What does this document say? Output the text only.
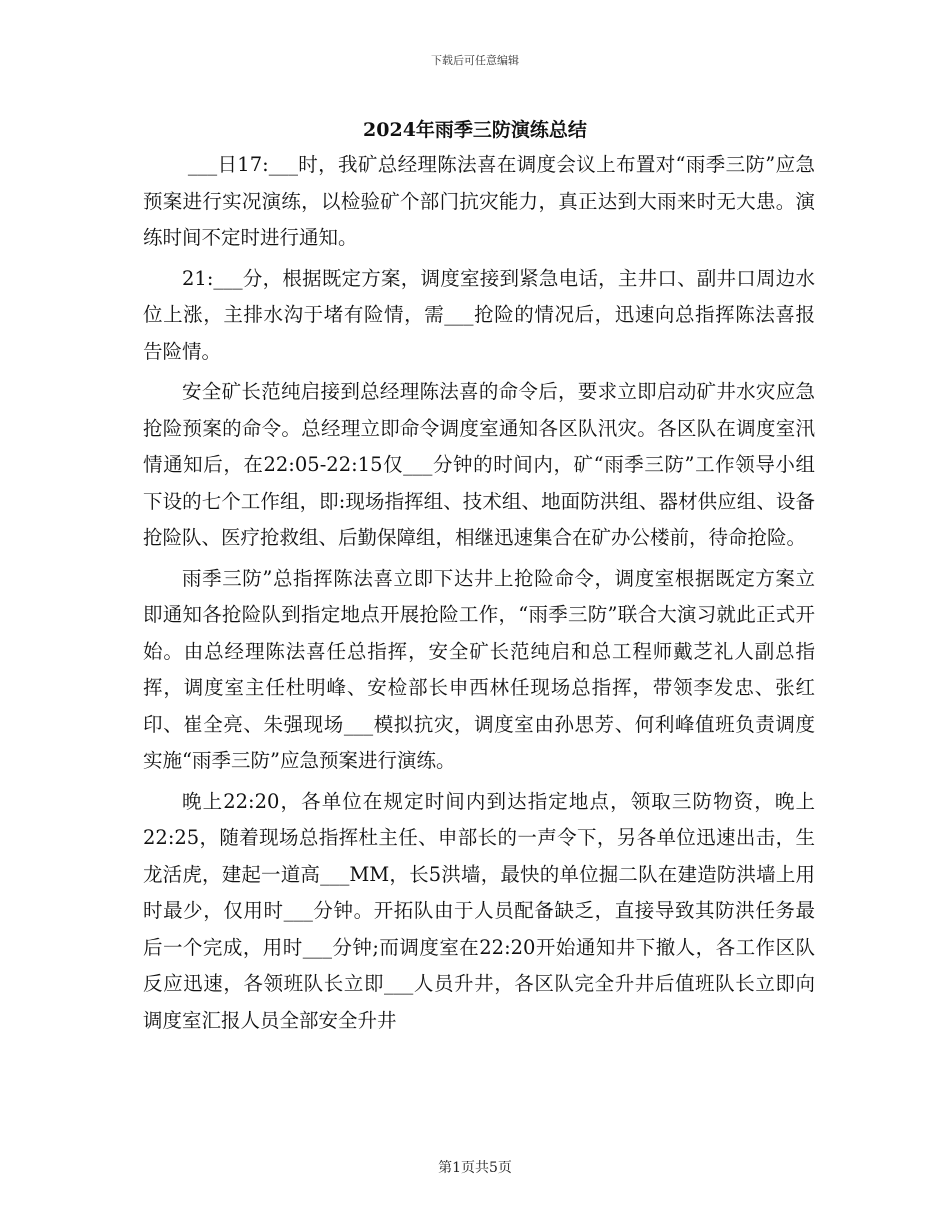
下载后可任意编辑
2024年雨季三防演练总结

___日17:___时，我矿总经理陈法喜在调度会议上布置对“雨季三防”应急预案进行实况演练，以检验矿个部门抗灾能力，真正达到大雨来时无大患。演练时间不定时进行通知。

21:___分，根据既定方案，调度室接到紧急电话，主井口、副井口周边水位上涨，主排水沟于堵有险情，需___抢险的情况后，迅速向总指挥陈法喜报告险情。

安全矿长范纯启接到总经理陈法喜的命令后，要求立即启动矿井水灾应急抢险预案的命令。总经理立即命令调度室通知各区队汛灾。各区队在调度室汛情通知后，在22:05-22:15仅___分钟的时间内，矿“雨季三防”工作领导小组下设的七个工作组，即:现场指挥组、技术组、地面防洪组、器材供应组、设备抢险队、医疗抢救组、后勤保障组，相继迅速集合在矿办公楼前，待命抢险。

雨季三防”总指挥陈法喜立即下达井上抢险命令，调度室根据既定方案立即通知各抢险队到指定地点开展抢险工作，“雨季三防”联合大演习就此正式开始。由总经理陈法喜任总指挥，安全矿长范纯启和总工程师戴芝礼人副总指挥，调度室主任杜明峰、安检部长申西林任现场总指挥，带领李发忠、张红印、崔全亮、朱强现场___模拟抗灾，调度室由孙思芳、何利峰值班负责调度实施“雨季三防”应急预案进行演练。

晚上22:20，各单位在规定时间内到达指定地点，领取三防物资，晚上22:25，随着现场总指挥杜主任、申部长的一声令下，另各单位迅速出击，生龙活虎，建起一道高___MM，长5洪墙，最快的单位掘二队在建造防洪墙上用时最少，仅用时___分钟。开拓队由于人员配备缺乏，直接导致其防洪任务最后一个完成，用时___分钟;而调度室在22:20开始通知井下撤人，各工作区队反应迅速，各领班队长立即___人员升井，各区队完全升井后值班队长立即向调度室汇报人员全部安全升井

第1页共5页
